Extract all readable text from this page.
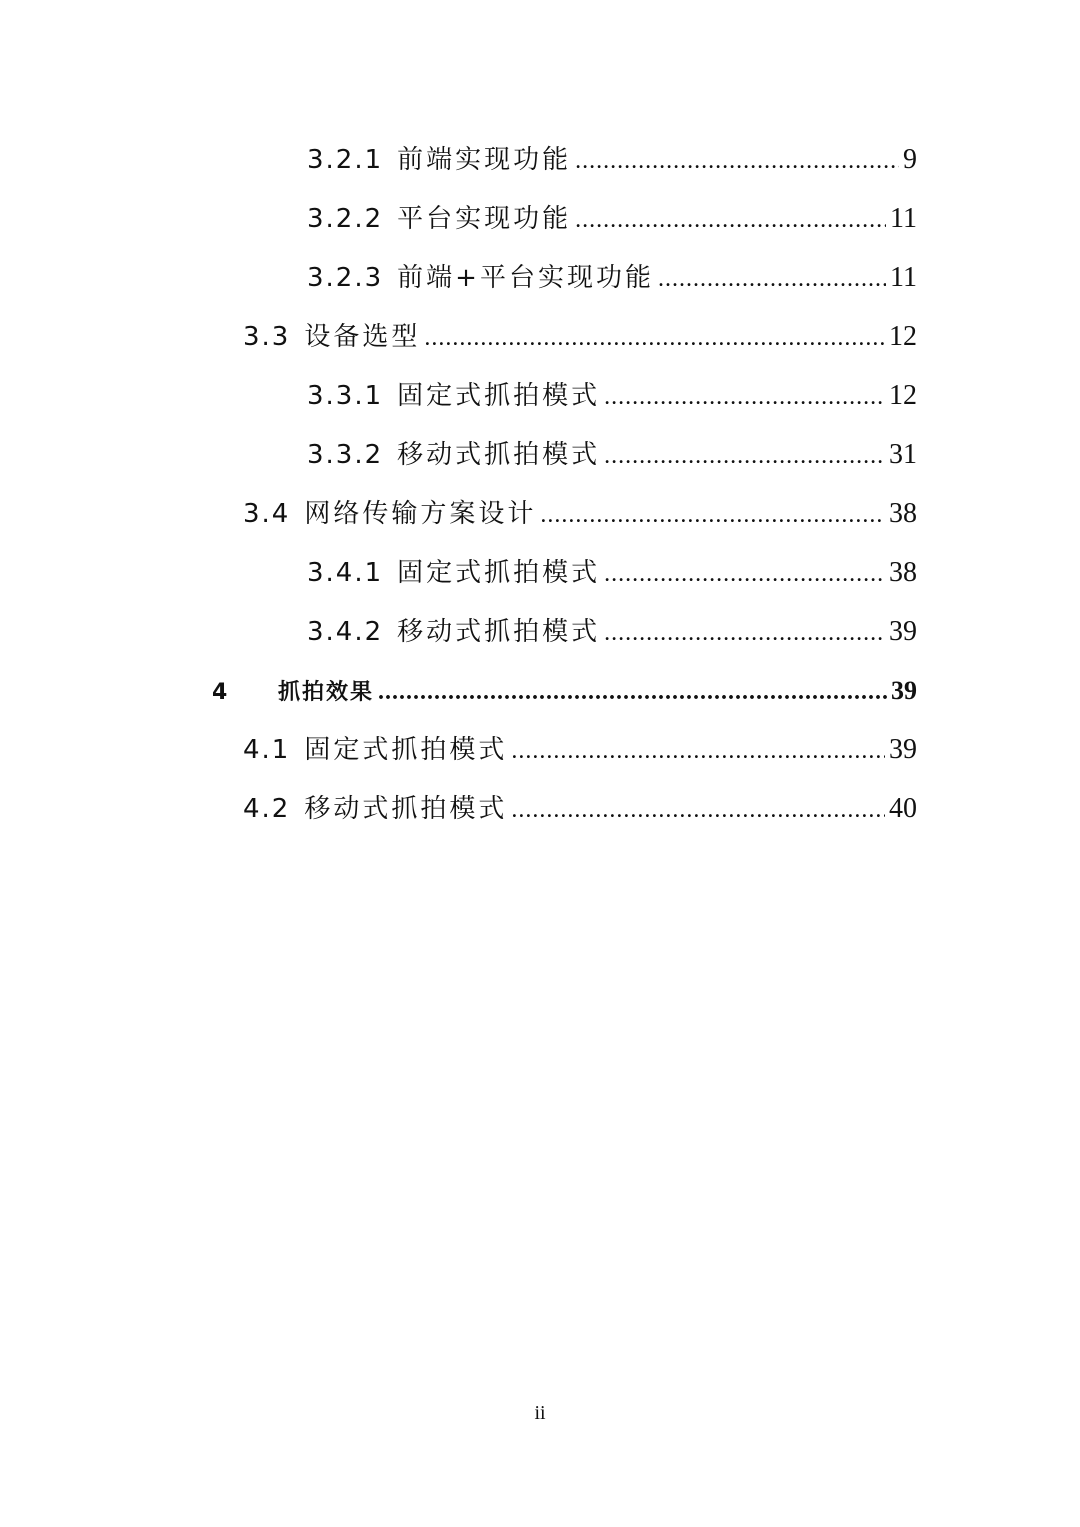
3.2.1 前端实现功能 .....	9
3.2.2 平台实现功能 .....	11
3.2.3 前端+平台实现功能 .....	11
3.3 设备选型 .....	12
3.3.1 固定式抓拍模式 .....	12
3.3.2 移动式抓拍模式 .....	31
3.4 网络传输方案设计 .....	38
3.4.1 固定式抓拍模式 .....	38
3.4.2 移动式抓拍模式 .....	39
4	抓拍效果 .....	39
4.1 固定式抓拍模式 .....	39
4.2 移动式抓拍模式 .....	40
ii
